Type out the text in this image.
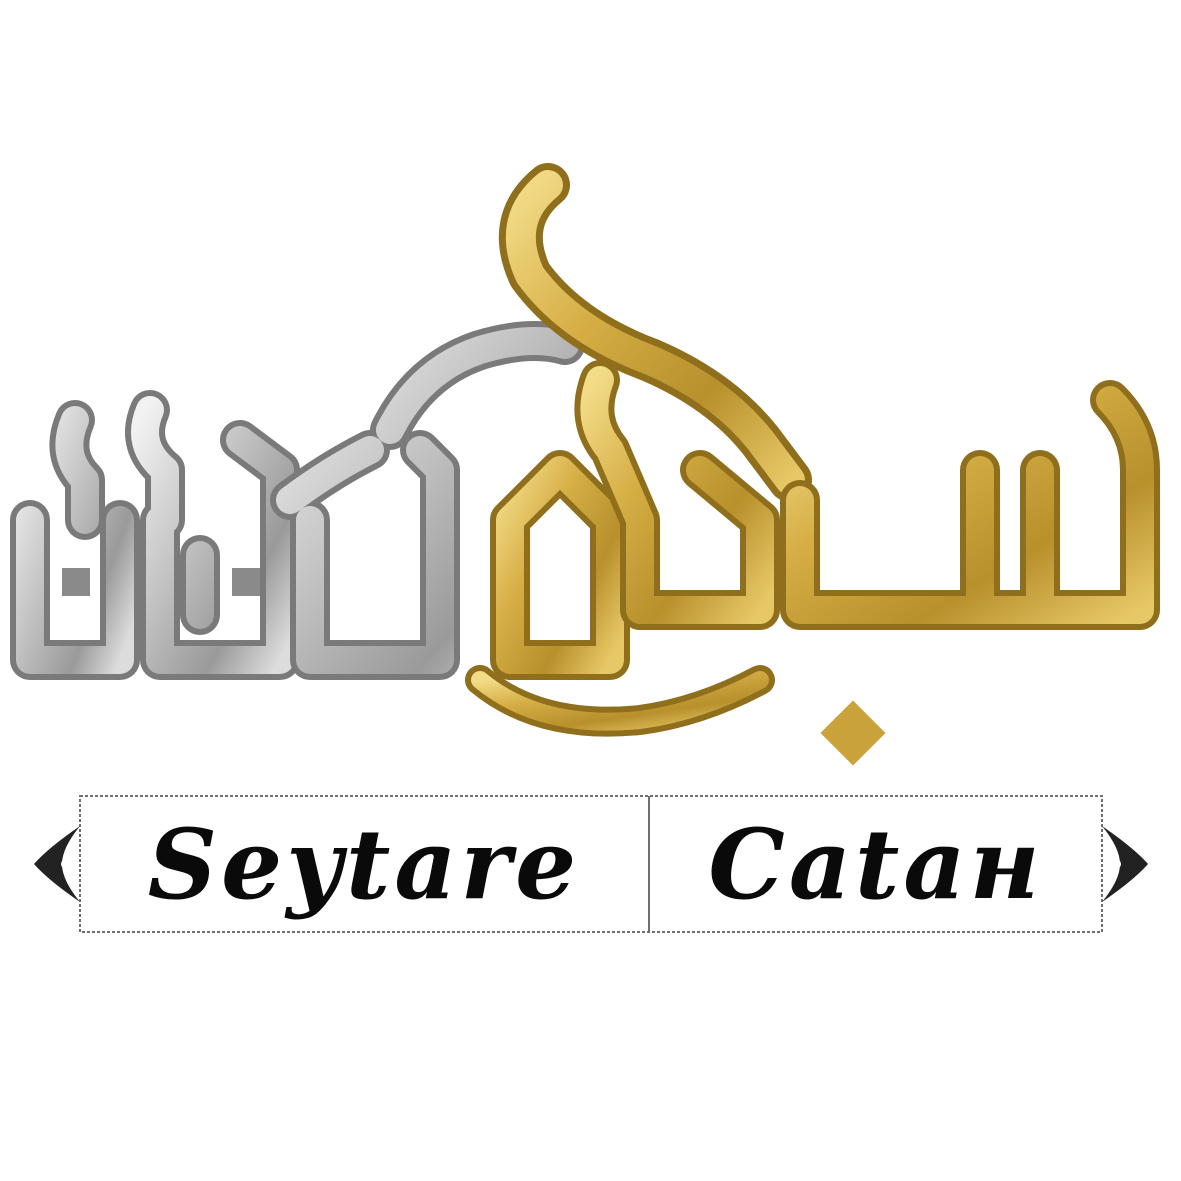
Seytare	Cataн
